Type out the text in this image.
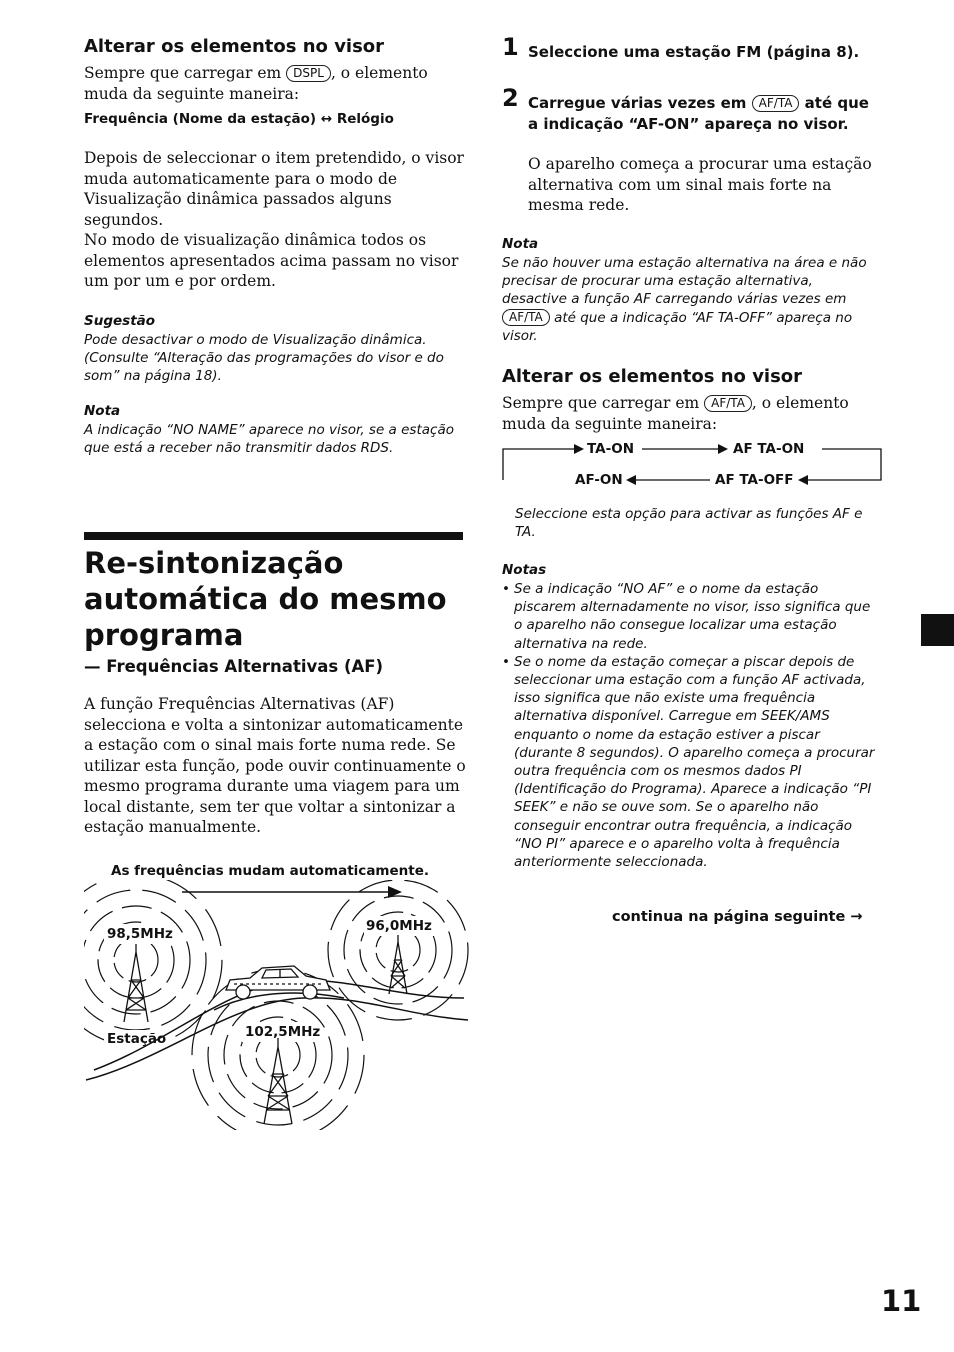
Alterar os elementos no visor
Sempre que carregar em DSPL , o elemento muda da seguinte maneira:
Frequência (Nome da estação) ↔ Relógio
Depois de seleccionar o item pretendido, o visor muda automaticamente para o modo de Visualização dinâmica passados alguns segundos.
No modo de visualização dinâmica todos os elementos apresentados acima passam no visor um por um e por ordem.
Sugestão
Pode desactivar o modo de Visualização dinâmica. (Consulte “Alteração das programações do visor e do som” na página 18).
Nota
A indicação “NO NAME” aparece no visor, se a estação que está a receber não transmitir dados RDS.
Re-sintonização automática do mesmo programa
— Frequências Alternativas (AF)
A função Frequências Alternativas (AF) selecciona e volta a sintonizar automaticamente a estação com o sinal mais forte numa rede. Se utilizar esta função, pode ouvir continuamente o mesmo programa durante uma viagem para um local distante, sem ter que voltar a sintonizar a estação manualmente.
As frequências mudam automaticamente.
98,5MHz	96,0MHz
102,5MHz
Estação
1 Seleccione uma estação FM (página 8).
2 Carregue várias vezes em AF/TA até que a indicação “AF-ON” apareça no visor.
O aparelho começa a procurar uma estação alternativa com um sinal mais forte na mesma rede.
Nota
Se não houver uma estação alternativa na área e não precisar de procurar uma estação alternativa, desactive a função AF carregando várias vezes em AF/TA até que a indicação “AF TA-OFF” apareça no visor.
Alterar os elementos no visor
Sempre que carregar em AF/TA , o elemento muda da seguinte maneira:
TA-ON	AF TA-ON
AF-ON	AF TA-OFF
Seleccione esta opção para activar as funções AF e TA.
Notas
• Se a indicação “NO AF” e o nome da estação piscarem alternadamente no visor, isso significa que o aparelho não consegue localizar uma estação alternativa na rede.
• Se o nome da estação começar a piscar depois de seleccionar uma estação com a função AF activada, isso significa que não existe uma frequência alternativa disponível. Carregue em SEEK/AMS enquanto o nome da estação estiver a piscar (durante 8 segundos). O aparelho começa a procurar outra frequência com os mesmos dados PI (Identificação do Programa). Aparece a indicação “PI SEEK” e não se ouve som. Se o aparelho não conseguir encontrar outra frequência, a indicação “NO PI” aparece e o aparelho volta à frequência anteriormente seleccionada.
continua na página seguinte →
11
